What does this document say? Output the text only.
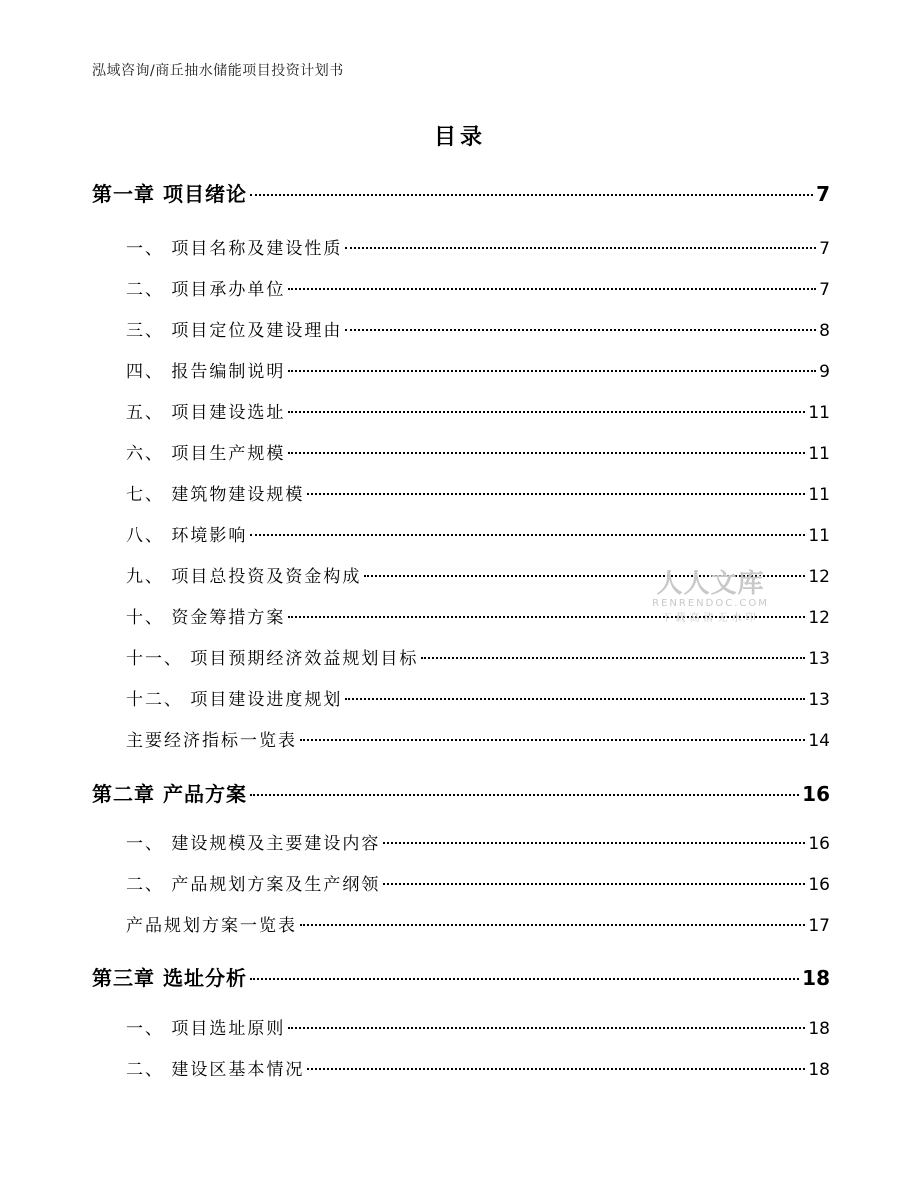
泓域咨询/商丘抽水储能项目投资计划书
目录
第一章 项目绪论	7
一、 项目名称及建设性质	7
二、 项目承办单位	7
三、 项目定位及建设理由	8
四、 报告编制说明	9
五、 项目建设选址	11
六、 项目生产规模	11
七、 建筑物建设规模	11
八、 环境影响	11
九、 项目总投资及资金构成	12
十、 资金筹措方案	12
十一、 项目预期经济效益规划目标	13
十二、 项目建设进度规划	13
主要经济指标一览表	14
第二章 产品方案	16
一、 建设规模及主要建设内容	16
二、 产品规划方案及生产纲领	16
产品规划方案一览表	17
第三章 选址分析	18
一、 项目选址原则	18
二、 建设区基本情况	18
人人文库
RENRENDOC.COM
下载高清无水印
